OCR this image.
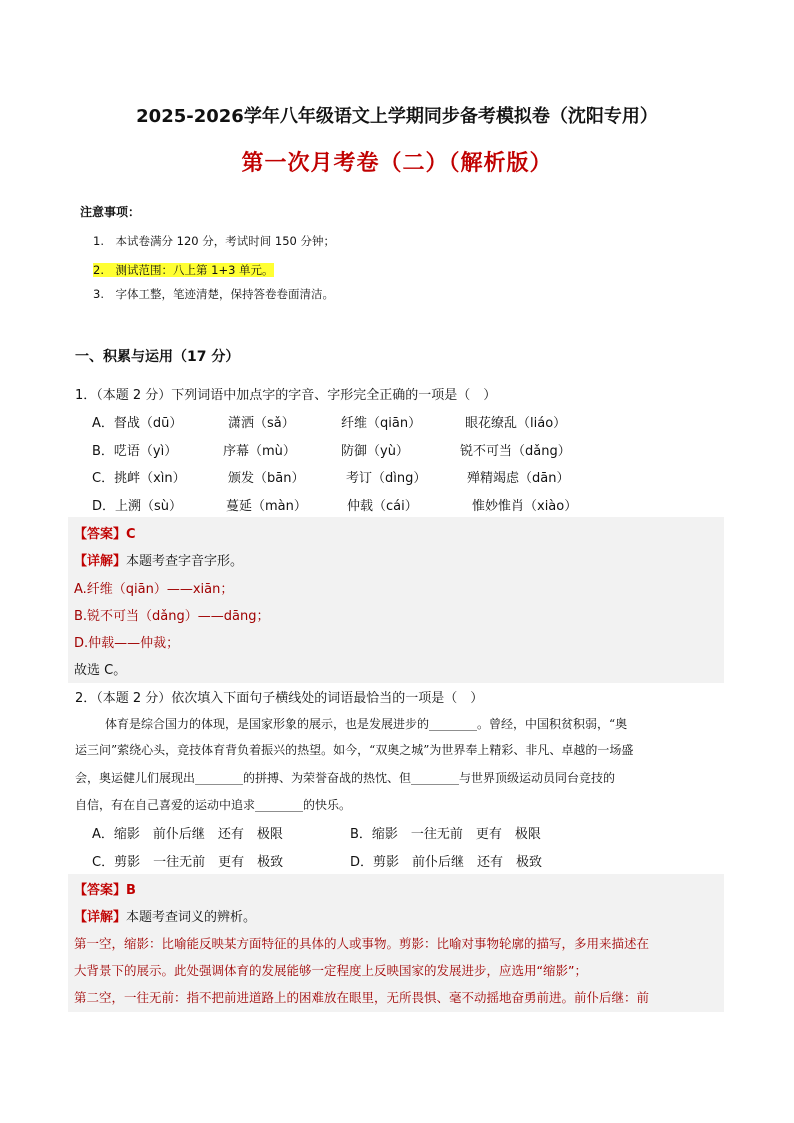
2025-2026学年八年级语文上学期同步备考模拟卷（沈阳专用）
第一次月考卷（二）（解析版）
注意事项：
1.　本试卷满分 120 分，考试时间 150 分钟；
2.　测试范围：八上第 1+3 单元。
3.　字体工整，笔迹清楚，保持答卷卷面清洁。
一、积累与运用（17 分）
1．（本题 2 分）下列词语中加点字的字音、字形完全正确的一项是（　）
A．督战（dū）	潇洒（sǎ）	纤维（qiān）	眼花缭乱（liáo）
B．呓语（yì）	序幕（mù）	防御（yù）	锐不可当（dǎng）
C．挑衅（xìn）	颁发（bān）	考订（dìng）	殚精竭虑（dān）
D．上溯（sù）	蔓延（màn）	仲载（cái）	惟妙惟肖（xiào）
【答案】C
【详解】本题考查字音字形。
A.纤维（qiān）——xiān；
B.锐不可当（dǎng）——dāng；
D.仲载——仲裁；
故选 C。
2．（本题 2 分）依次填入下面句子横线处的词语最恰当的一项是（　）
体育是综合国力的体现，是国家形象的展示，也是发展进步的________。曾经，中国积贫积弱，“奥
运三问”萦绕心头，竞技体育背负着振兴的热望。如今，“双奥之城”为世界奉上精彩、非凡、卓越的一场盛
会，奥运健儿们展现出________的拼搏、为荣誉奋战的热忱、但________与世界顶级运动员同台竞技的
自信，有在自己喜爱的运动中追求________的快乐。
A．缩影　前仆后继　还有　极限	B．缩影　一往无前　更有　极限
C．剪影　一往无前　更有　极致	D．剪影　前仆后继　还有　极致
【答案】B
【详解】本题考查词义的辨析。
第一空，缩影：比喻能反映某方面特征的具体的人或事物。剪影：比喻对事物轮廓的描写，多用来描述在
大背景下的展示。此处强调体育的发展能够一定程度上反映国家的发展进步，应选用“缩影”；
第二空，一往无前：指不把前进道路上的困难放在眼里，无所畏惧、毫不动摇地奋勇前进。前仆后继：前
